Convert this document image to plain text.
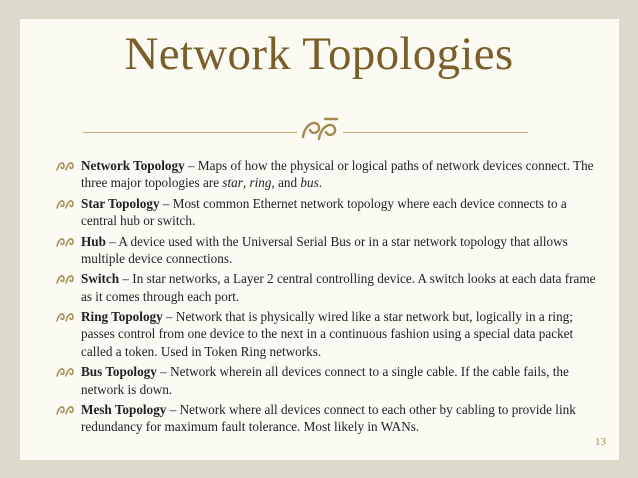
Network Topologies
Network Topology – Maps of how the physical or logical paths of network devices connect. The three major topologies are star, ring, and bus.
Star Topology – Most common Ethernet network topology where each device connects to a central hub or switch.
Hub – A device used with the Universal Serial Bus or in a star network topology that allows multiple device connections.
Switch – In star networks, a Layer 2 central controlling device. A switch looks at each data frame as it comes through each port.
Ring Topology – Network that is physically wired like a star network but, logically in a ring; passes control from one device to the next in a continuous fashion using a special data packet called a token. Used in Token Ring networks.
Bus Topology – Network wherein all devices connect to a single cable. If the cable fails, the network is down.
Mesh Topology – Network where all devices connect to each other by cabling to provide link redundancy for maximum fault tolerance. Most likely in WANs.
13
